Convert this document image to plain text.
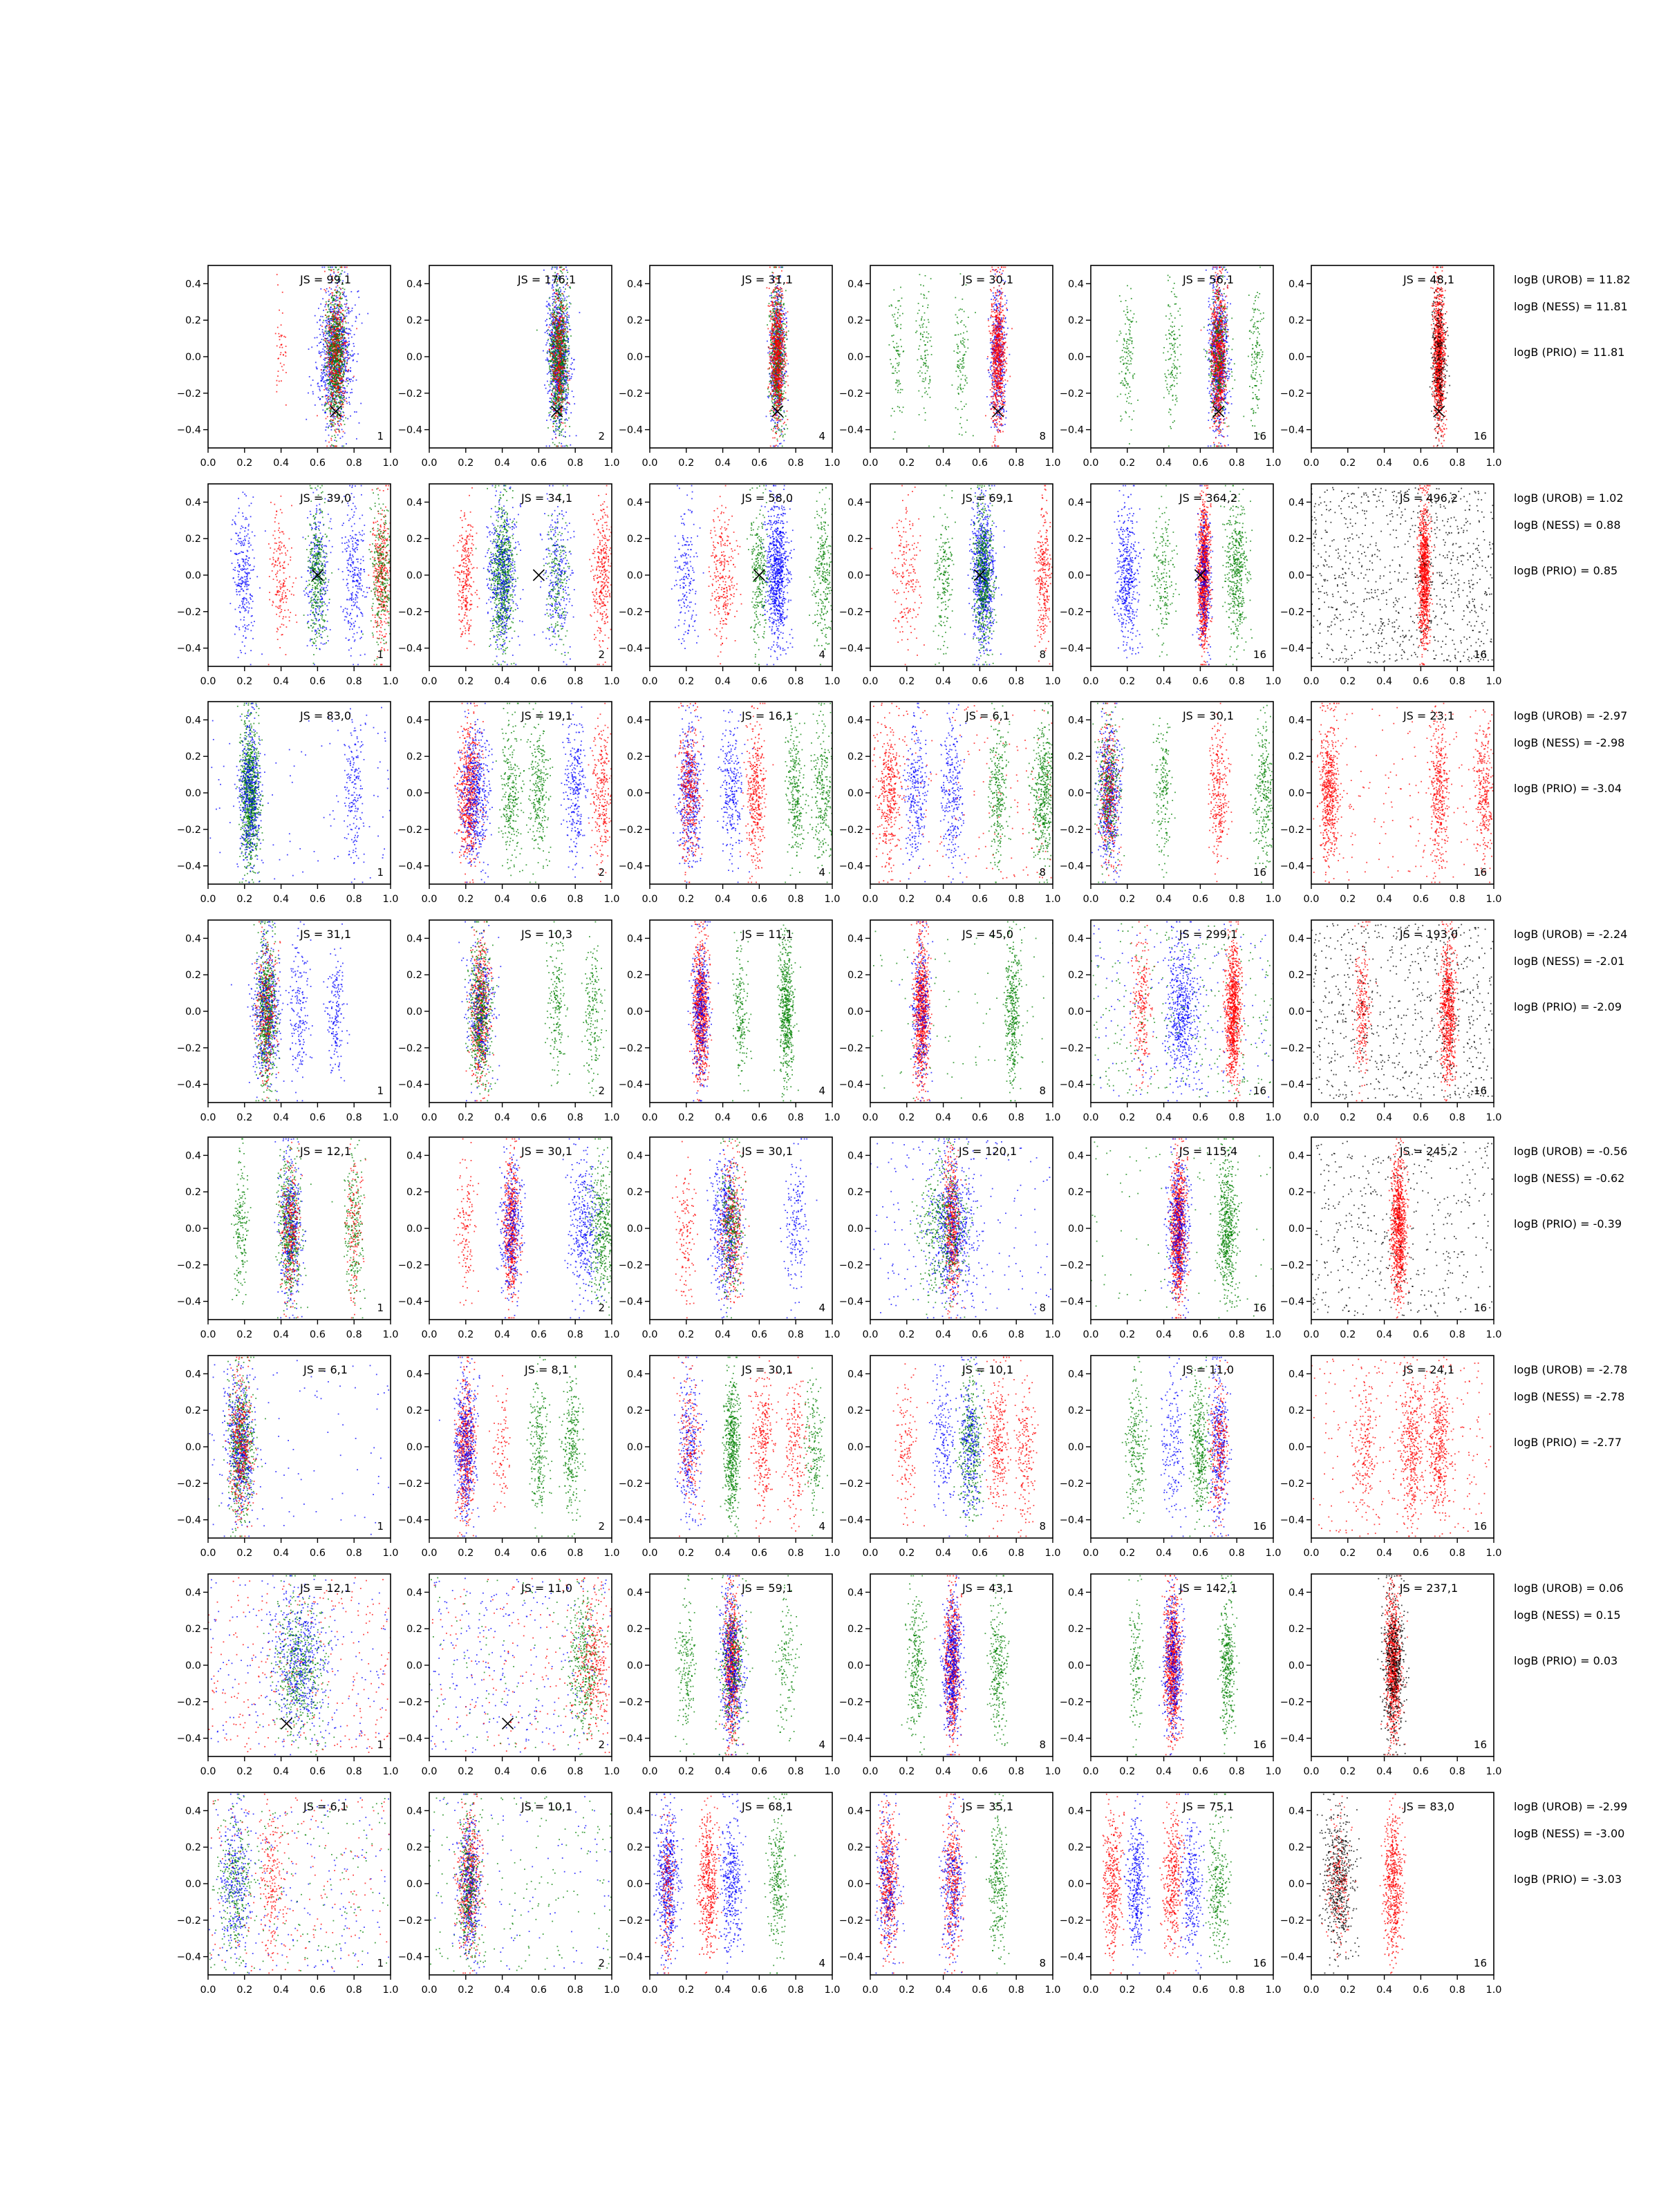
0.0 0.2 0.4 0.6 0.8 1.0
0.4
0.2
0.0
−0.2
−0.4
JS = 99,1
1
0.0 0.2 0.4 0.6 0.8 1.0
0.4
0.2
0.0
−0.2
−0.4
JS = 176,1
2
0.0 0.2 0.4 0.6 0.8 1.0
0.4
0.2
0.0
−0.2
−0.4
JS = 31,1
4
0.0 0.2 0.4 0.6 0.8 1.0
0.4
0.2
0.0
−0.2
−0.4
JS = 30,1
8
0.0 0.2 0.4 0.6 0.8 1.0
0.4
0.2
0.0
−0.2
−0.4
JS = 56,1
16
0.0 0.2 0.4 0.6 0.8 1.0
0.4
0.2
0.0
−0.2
−0.4
JS = 48,1
16
logB (UROB) = 11.82
logB (NESS) = 11.81
logB (PRIO) = 11.81
0.0 0.2 0.4 0.6 0.8 1.0
0.4
0.2
0.0
−0.2
−0.4
JS = 39,0
1
0.0 0.2 0.4 0.6 0.8 1.0
0.4
0.2
0.0
−0.2
−0.4
JS = 34,1
2
0.0 0.2 0.4 0.6 0.8 1.0
0.4
0.2
0.0
−0.2
−0.4
JS = 58,0
4
0.0 0.2 0.4 0.6 0.8 1.0
0.4
0.2
0.0
−0.2
−0.4
JS = 69,1
8
0.0 0.2 0.4 0.6 0.8 1.0
0.4
0.2
0.0
−0.2
−0.4
JS = 364,2
16
0.0 0.2 0.4 0.6 0.8 1.0
0.4
0.2
0.0
−0.2
−0.4
JS = 496,2
16
logB (UROB) = 1.02
logB (NESS) = 0.88
logB (PRIO) = 0.85
0.0 0.2 0.4 0.6 0.8 1.0
0.4
0.2
0.0
−0.2
−0.4
JS = 83,0
1
0.0 0.2 0.4 0.6 0.8 1.0
0.4
0.2
0.0
−0.2
−0.4
JS = 19,1
2
0.0 0.2 0.4 0.6 0.8 1.0
0.4
0.2
0.0
−0.2
−0.4
JS = 16,1
4
0.0 0.2 0.4 0.6 0.8 1.0
0.4
0.2
0.0
−0.2
−0.4
JS = 6,1
8
0.0 0.2 0.4 0.6 0.8 1.0
0.4
0.2
0.0
−0.2
−0.4
JS = 30,1
16
0.0 0.2 0.4 0.6 0.8 1.0
0.4
0.2
0.0
−0.2
−0.4
JS = 23,1
16
logB (UROB) = -2.97
logB (NESS) = -2.98
logB (PRIO) = -3.04
0.0 0.2 0.4 0.6 0.8 1.0
0.4
0.2
0.0
−0.2
−0.4
JS = 31,1
1
0.0 0.2 0.4 0.6 0.8 1.0
0.4
0.2
0.0
−0.2
−0.4
JS = 10,3
2
0.0 0.2 0.4 0.6 0.8 1.0
0.4
0.2
0.0
−0.2
−0.4
JS = 11,1
4
0.0 0.2 0.4 0.6 0.8 1.0
0.4
0.2
0.0
−0.2
−0.4
JS = 45,0
8
0.0 0.2 0.4 0.6 0.8 1.0
0.4
0.2
0.0
−0.2
−0.4
JS = 299,1
16
0.0 0.2 0.4 0.6 0.8 1.0
0.4
0.2
0.0
−0.2
−0.4
JS = 193,0
16
logB (UROB) = -2.24
logB (NESS) = -2.01
logB (PRIO) = -2.09
0.0 0.2 0.4 0.6 0.8 1.0
0.4
0.2
0.0
−0.2
−0.4
JS = 12,1
1
0.0 0.2 0.4 0.6 0.8 1.0
0.4
0.2
0.0
−0.2
−0.4
JS = 30,1
2
0.0 0.2 0.4 0.6 0.8 1.0
0.4
0.2
0.0
−0.2
−0.4
JS = 30,1
4
0.0 0.2 0.4 0.6 0.8 1.0
0.4
0.2
0.0
−0.2
−0.4
JS = 120,1
8
0.0 0.2 0.4 0.6 0.8 1.0
0.4
0.2
0.0
−0.2
−0.4
JS = 115,4
16
0.0 0.2 0.4 0.6 0.8 1.0
0.4
0.2
0.0
−0.2
−0.4
JS = 245,2
16
logB (UROB) = -0.56
logB (NESS) = -0.62
logB (PRIO) = -0.39
0.0 0.2 0.4 0.6 0.8 1.0
0.4
0.2
0.0
−0.2
−0.4
JS = 6,1
1
0.0 0.2 0.4 0.6 0.8 1.0
0.4
0.2
0.0
−0.2
−0.4
JS = 8,1
2
0.0 0.2 0.4 0.6 0.8 1.0
0.4
0.2
0.0
−0.2
−0.4
JS = 30,1
4
0.0 0.2 0.4 0.6 0.8 1.0
0.4
0.2
0.0
−0.2
−0.4
JS = 10,1
8
0.0 0.2 0.4 0.6 0.8 1.0
0.4
0.2
0.0
−0.2
−0.4
JS = 11,0
16
0.0 0.2 0.4 0.6 0.8 1.0
0.4
0.2
0.0
−0.2
−0.4
JS = 24,1
16
logB (UROB) = -2.78
logB (NESS) = -2.78
logB (PRIO) = -2.77
0.0 0.2 0.4 0.6 0.8 1.0
0.4
0.2
0.0
−0.2
−0.4
JS = 12,1
1
0.0 0.2 0.4 0.6 0.8 1.0
0.4
0.2
0.0
−0.2
−0.4
JS = 11,0
2
0.0 0.2 0.4 0.6 0.8 1.0
0.4
0.2
0.0
−0.2
−0.4
JS = 59,1
4
0.0 0.2 0.4 0.6 0.8 1.0
0.4
0.2
0.0
−0.2
−0.4
JS = 43,1
8
0.0 0.2 0.4 0.6 0.8 1.0
0.4
0.2
0.0
−0.2
−0.4
JS = 142,1
16
0.0 0.2 0.4 0.6 0.8 1.0
0.4
0.2
0.0
−0.2
−0.4
JS = 237,1
16
logB (UROB) = 0.06
logB (NESS) = 0.15
logB (PRIO) = 0.03
0.0 0.2 0.4 0.6 0.8 1.0
0.4
0.2
0.0
−0.2
−0.4
JS = 6,1
1
0.0 0.2 0.4 0.6 0.8 1.0
0.4
0.2
0.0
−0.2
−0.4
JS = 10,1
2
0.0 0.2 0.4 0.6 0.8 1.0
0.4
0.2
0.0
−0.2
−0.4
JS = 68,1
4
0.0 0.2 0.4 0.6 0.8 1.0
0.4
0.2
0.0
−0.2
−0.4
JS = 35,1
8
0.0 0.2 0.4 0.6 0.8 1.0
0.4
0.2
0.0
−0.2
−0.4
JS = 75,1
16
0.0 0.2 0.4 0.6 0.8 1.0
0.4
0.2
0.0
−0.2
−0.4
JS = 83,0
16
logB (UROB) = -2.99
logB (NESS) = -3.00
logB (PRIO) = -3.03
